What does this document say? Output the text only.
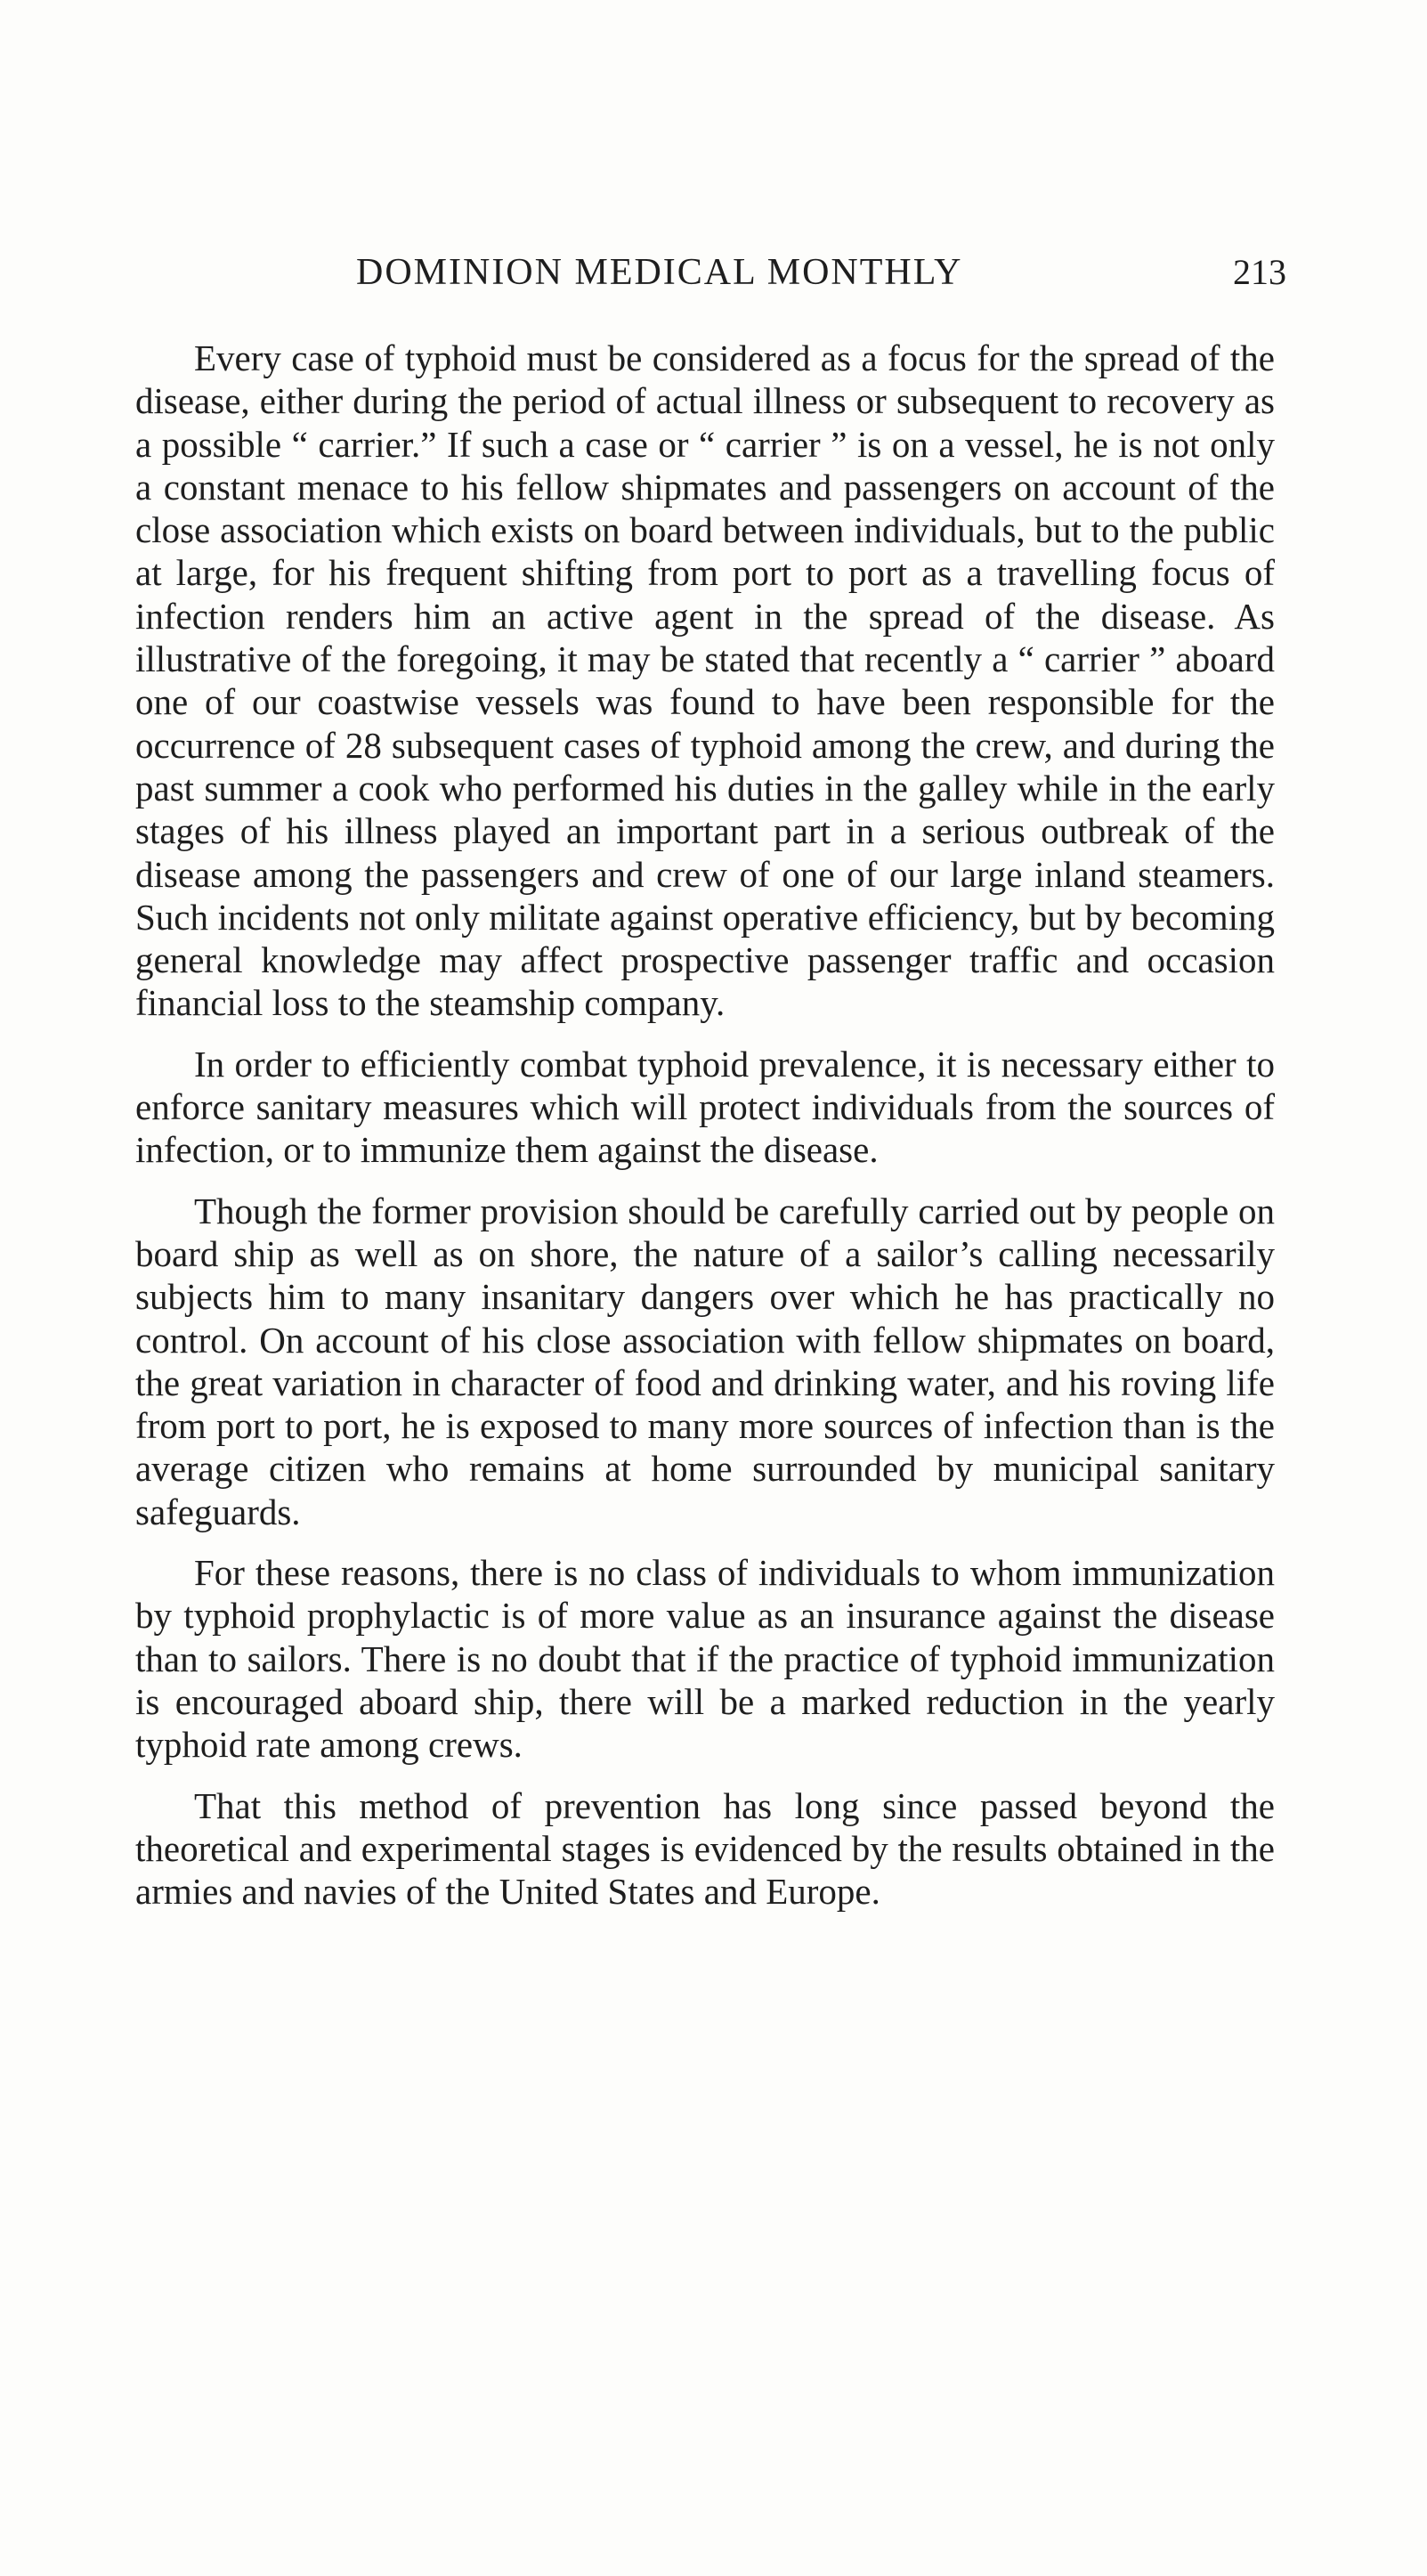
DOMINION MEDICAL MONTHLY	213

Every case of typhoid must be considered as a focus for the spread of the disease, either during the period of actual illness or subsequent to recovery as a possible “ carrier.” If such a case or “ carrier ” is on a vessel, he is not only a constant menace to his fellow shipmates and passengers on account of the close association which exists on board between individuals, but to the public at large, for his frequent shifting from port to port as a travelling focus of infection renders him an active agent in the spread of the disease. As illustrative of the foregoing, it may be stated that recently a “ carrier ” aboard one of our coastwise vessels was found to have been responsible for the occurrence of 28 subsequent cases of typhoid among the crew, and during the past summer a cook who performed his duties in the galley while in the early stages of his illness played an important part in a serious outbreak of the disease among the passengers and crew of one of our large inland steamers. Such incidents not only militate against operative efficiency, but by becoming general knowledge may affect prospective passenger traffic and occasion financial loss to the steamship company.

In order to efficiently combat typhoid prevalence, it is necessary either to enforce sanitary measures which will protect individuals from the sources of infection, or to immunize them against the disease.

Though the former provision should be carefully carried out by people on board ship as well as on shore, the nature of a sailor’s calling necessarily subjects him to many insanitary dangers over which he has practically no control. On account of his close association with fellow shipmates on board, the great variation in character of food and drinking water, and his roving life from port to port, he is exposed to many more sources of infection than is the average citizen who remains at home surrounded by municipal sanitary safeguards.

For these reasons, there is no class of individuals to whom immunization by typhoid prophylactic is of more value as an insurance against the disease than to sailors. There is no doubt that if the practice of typhoid immunization is encouraged aboard ship, there will be a marked reduction in the yearly typhoid rate among crews.

That this method of prevention has long since passed beyond the theoretical and experimental stages is evidenced by the results obtained in the armies and navies of the United States and Europe.
